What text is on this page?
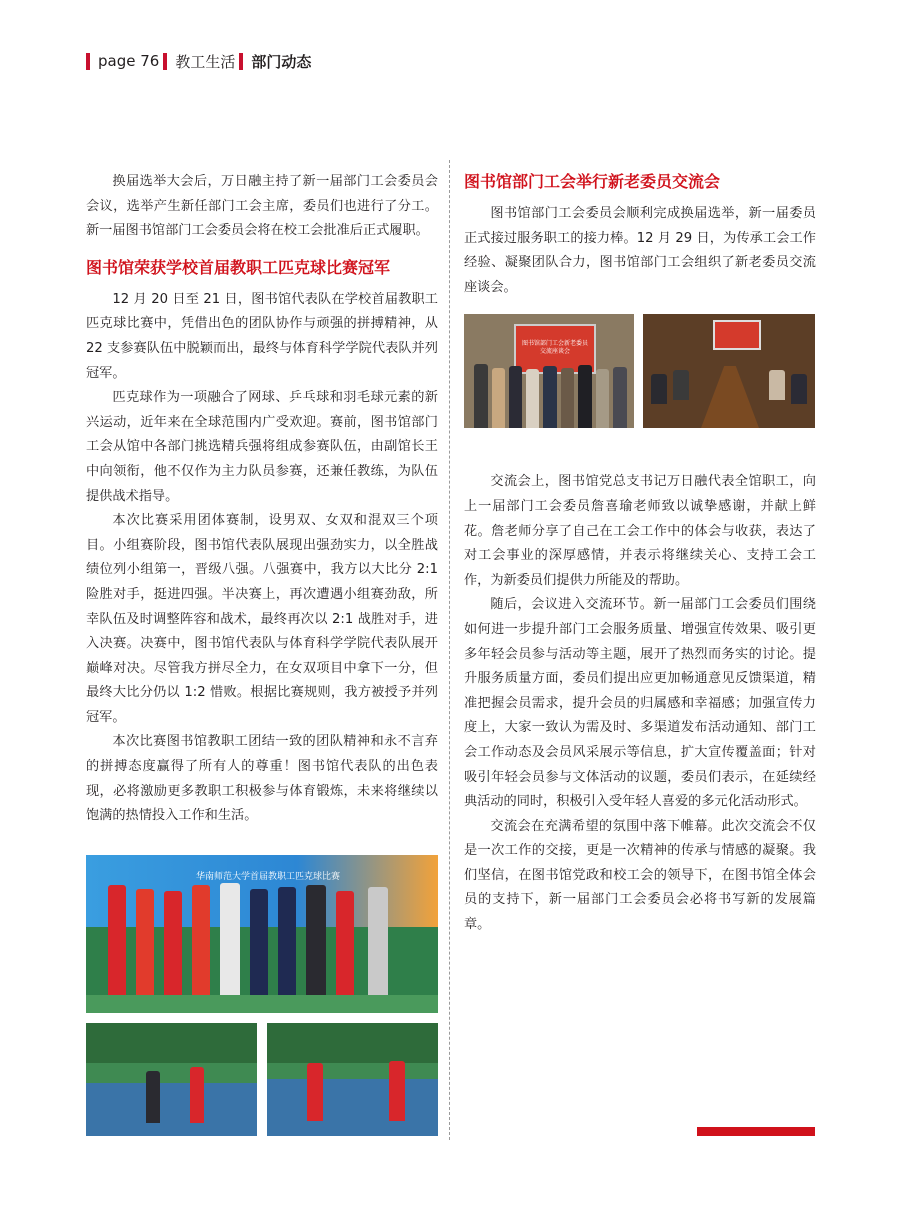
page 76 教工生活 部门动态

换届选举大会后，万日融主持了新一届部门工会委员会会议，选举产生新任部门工会主席，委员们也进行了分工。新一届图书馆部门工会委员会将在校工会批准后正式履职。

图书馆荣获学校首届教职工匹克球比赛冠军

12 月 20 日至 21 日，图书馆代表队在学校首届教职工匹克球比赛中，凭借出色的团队协作与顽强的拼搏精神，从 22 支参赛队伍中脱颖而出，最终与体育科学学院代表队并列冠军。

匹克球作为一项融合了网球、乒乓球和羽毛球元素的新兴运动，近年来在全球范围内广受欢迎。赛前，图书馆部门工会从馆中各部门挑选精兵强将组成参赛队伍，由副馆长王中向领衔，他不仅作为主力队员参赛，还兼任教练，为队伍提供战术指导。

本次比赛采用团体赛制，设男双、女双和混双三个项目。小组赛阶段，图书馆代表队展现出强劲实力，以全胜战绩位列小组第一，晋级八强。八强赛中，我方以大比分 2:1 险胜对手，挺进四强。半决赛上，再次遭遇小组赛劲敌，所幸队伍及时调整阵容和战术，最终再次以 2:1 战胜对手，进入决赛。决赛中，图书馆代表队与体育科学学院代表队展开巅峰对决。尽管我方拼尽全力，在女双项目中拿下一分，但最终大比分仍以 1:2 惜败。根据比赛规则，我方被授予并列冠军。

本次比赛图书馆教职工团结一致的团队精神和永不言弃的拼搏态度赢得了所有人的尊重！图书馆代表队的出色表现，必将激励更多教职工积极参与体育锻炼，未来将继续以饱满的热情投入工作和生活。

图书馆部门工会举行新老委员交流会

图书馆部门工会委员会顺利完成换届选举，新一届委员正式接过服务职工的接力棒。12 月 29 日，为传承工会工作经验、凝聚团队合力，图书馆部门工会组织了新老委员交流座谈会。

交流会上，图书馆党总支书记万日融代表全馆职工，向上一届部门工会委员詹喜瑜老师致以诚挚感谢，并献上鲜花。詹老师分享了自己在工会工作中的体会与收获，表达了对工会事业的深厚感情，并表示将继续关心、支持工会工作，为新委员们提供力所能及的帮助。

随后，会议进入交流环节。新一届部门工会委员们围绕如何进一步提升部门工会服务质量、增强宣传效果、吸引更多年轻会员参与活动等主题，展开了热烈而务实的讨论。提升服务质量方面，委员们提出应更加畅通意见反馈渠道，精准把握会员需求，提升会员的归属感和幸福感；加强宣传力度上，大家一致认为需及时、多渠道发布活动通知、部门工会工作动态及会员风采展示等信息，扩大宣传覆盖面；针对吸引年轻会员参与文体活动的议题，委员们表示，在延续经典活动的同时，积极引入受年轻人喜爱的多元化活动形式。

交流会在充满希望的氛围中落下帷幕。此次交流会不仅是一次工作的交接，更是一次精神的传承与情感的凝聚。我们坚信，在图书馆党政和校工会的领导下，在图书馆全体会员的支持下，新一届部门工会委员会必将书写新的发展篇章。

图书馆部门工会新老委员交流座谈会
华南师范大学首届教职工匹克球比赛
